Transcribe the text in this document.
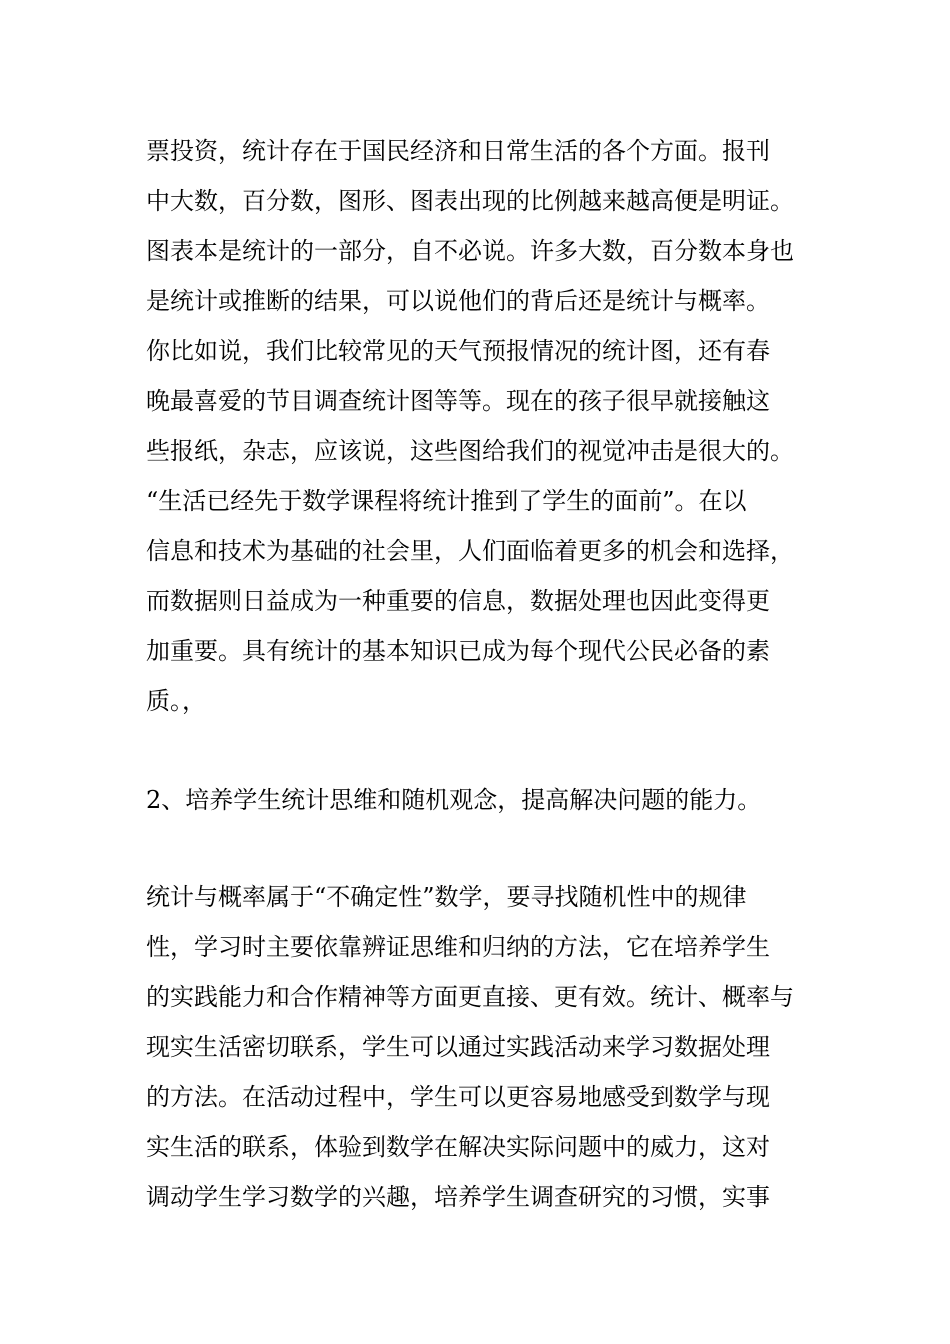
票投资，统计存在于国民经济和日常生活的各个方面。报刊
中大数，百分数，图形、图表出现的比例越来越高便是明证。
图表本是统计的一部分，自不必说。许多大数，百分数本身也
是统计或推断的结果，可以说他们的背后还是统计与概率。
你比如说，我们比较常见的天气预报情况的统计图，还有春
晚最喜爱的节目调查统计图等等。现在的孩子很早就接触这
些报纸，杂志，应该说，这些图给我们的视觉冲击是很大的。
“生活已经先于数学课程将统计推到了学生的面前”。在以
信息和技术为基础的社会里，人们面临着更多的机会和选择，
而数据则日益成为一种重要的信息，数据处理也因此变得更
加重要。具有统计的基本知识已成为每个现代公民必备的素
质。，
2、培养学生统计思维和随机观念，提高解决问题的能力。
统计与概率属于“不确定性”数学，要寻找随机性中的规律
性，学习时主要依靠辨证思维和归纳的方法，它在培养学生
的实践能力和合作精神等方面更直接、更有效。统计、概率与
现实生活密切联系，学生可以通过实践活动来学习数据处理
的方法。在活动过程中，学生可以更容易地感受到数学与现
实生活的联系，体验到数学在解决实际问题中的威力，这对
调动学生学习数学的兴趣，培养学生调查研究的习惯，实事
